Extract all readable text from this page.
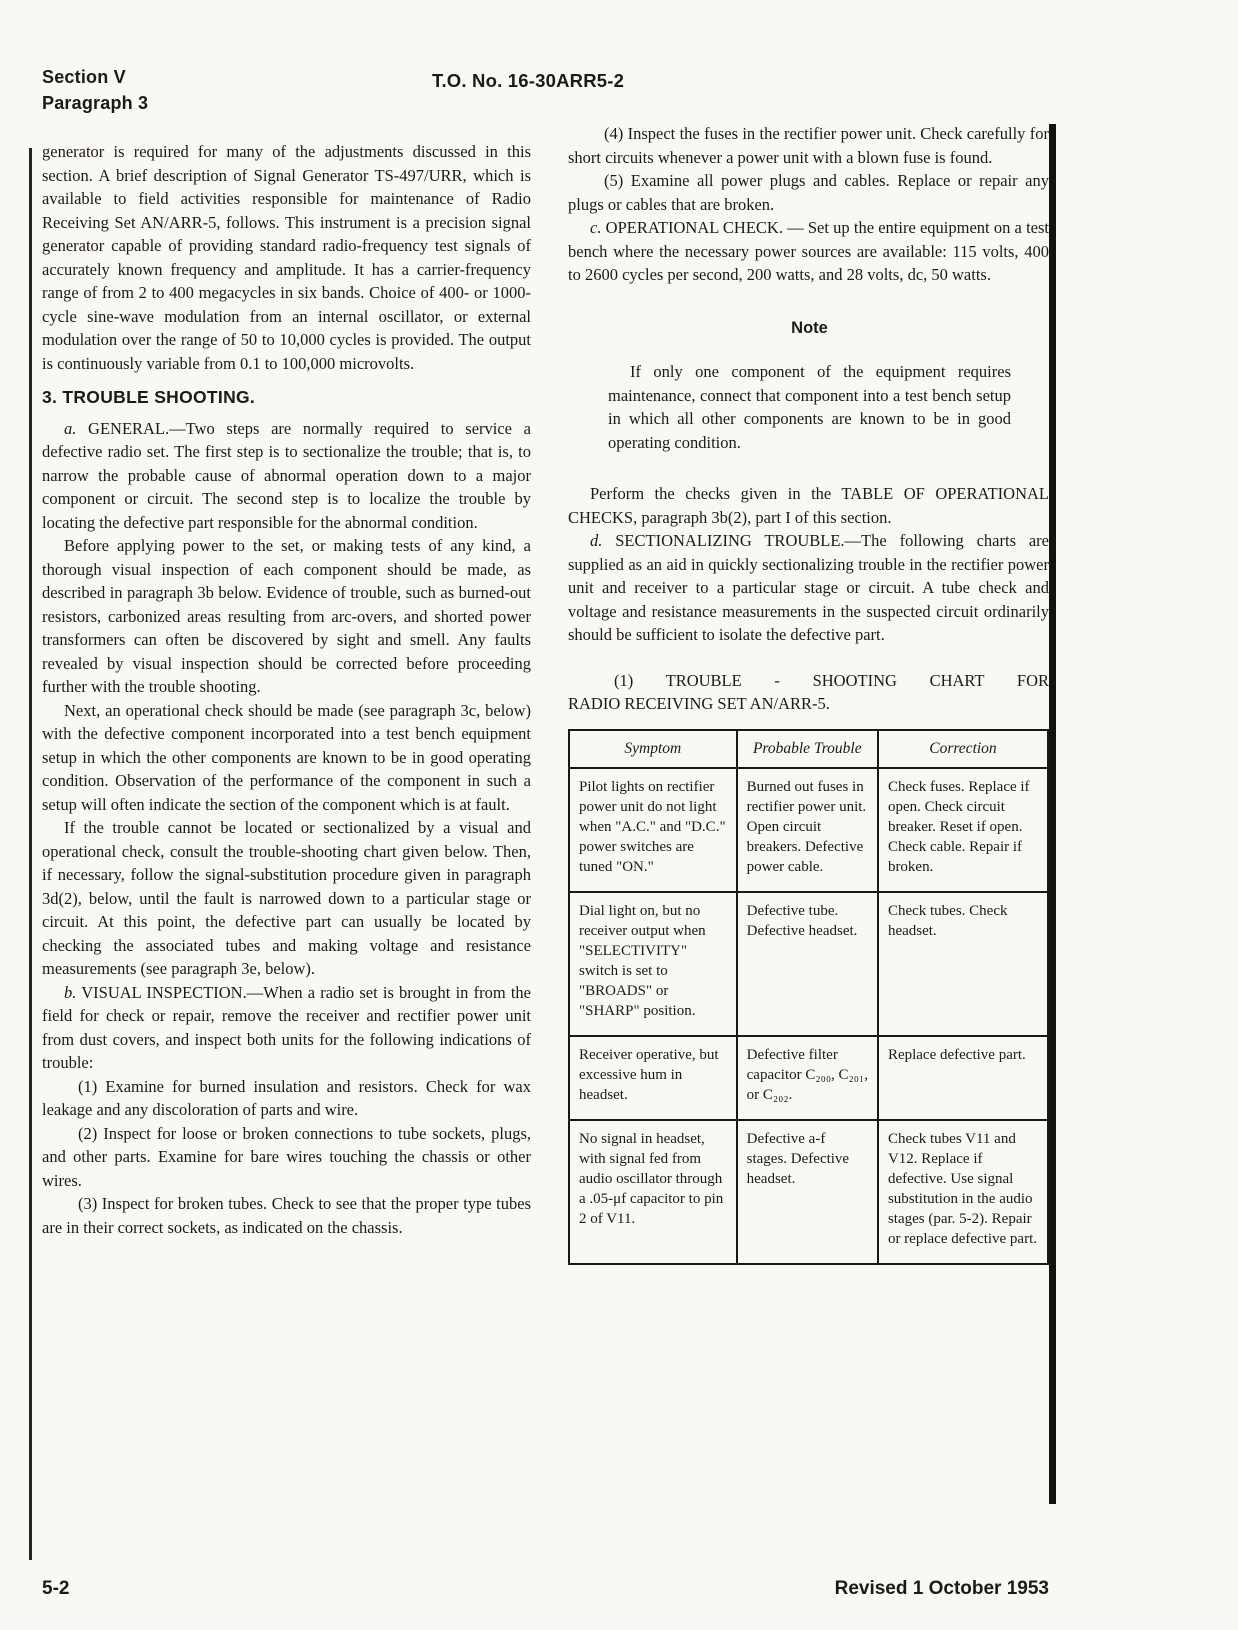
Section V
Paragraph 3
T.O. No. 16-30ARR5-2

generator is required for many of the adjustments discussed in this section. A brief description of Signal Generator TS-497/URR, which is available to field activities responsible for maintenance of Radio Receiving Set AN/ARR-5, follows. This instrument is a precision signal generator capable of providing standard radio-frequency test signals of accurately known frequency and amplitude. It has a carrier-frequency range of from 2 to 400 megacycles in six bands. Choice of 400- or 1000-cycle sine-wave modulation from an internal oscillator, or external modulation over the range of 50 to 10,000 cycles is provided. The output is continuously variable from 0.1 to 100,000 microvolts.

3. TROUBLE SHOOTING.

a. GENERAL.—Two steps are normally required to service a defective radio set. The first step is to sectionalize the trouble; that is, to narrow the probable cause of abnormal operation down to a major component or circuit. The second step is to localize the trouble by locating the defective part responsible for the abnormal condition.

Before applying power to the set, or making tests of any kind, a thorough visual inspection of each component should be made, as described in paragraph 3b below. Evidence of trouble, such as burned-out resistors, carbonized areas resulting from arc-overs, and shorted power transformers can often be discovered by sight and smell. Any faults revealed by visual inspection should be corrected before proceeding further with the trouble shooting.

Next, an operational check should be made (see paragraph 3c, below) with the defective component incorporated into a test bench equipment setup in which the other components are known to be in good operating condition. Observation of the performance of the component in such a setup will often indicate the section of the component which is at fault.

If the trouble cannot be located or sectionalized by a visual and operational check, consult the trouble-shooting chart given below. Then, if necessary, follow the signal-substitution procedure given in paragraph 3d(2), below, until the fault is narrowed down to a particular stage or circuit. At this point, the defective part can usually be located by checking the associated tubes and making voltage and resistance measurements (see paragraph 3e, below).

b. VISUAL INSPECTION.—When a radio set is brought in from the field for check or repair, remove the receiver and rectifier power unit from dust covers, and inspect both units for the following indications of trouble:

(1) Examine for burned insulation and resistors. Check for wax leakage and any discoloration of parts and wire.

(2) Inspect for loose or broken connections to tube sockets, plugs, and other parts. Examine for bare wires touching the chassis or other wires.

(3) Inspect for broken tubes. Check to see that the proper type tubes are in their correct sockets, as indicated on the chassis.

(4) Inspect the fuses in the rectifier power unit. Check carefully for short circuits whenever a power unit with a blown fuse is found.

(5) Examine all power plugs and cables. Replace or repair any plugs or cables that are broken.

c. OPERATIONAL CHECK. — Set up the entire equipment on a test bench where the necessary power sources are available: 115 volts, 400 to 2600 cycles per second, 200 watts, and 28 volts, dc, 50 watts.

Note

If only one component of the equipment requires maintenance, connect that component into a test bench setup in which all other components are known to be in good operating condition.

Perform the checks given in the TABLE OF OPERATIONAL CHECKS, paragraph 3b(2), part I of this section.

d. SECTIONALIZING TROUBLE.—The following charts are supplied as an aid in quickly sectionalizing trouble in the rectifier power unit and receiver to a particular stage or circuit. A tube check and voltage and resistance measurements in the suspected circuit ordinarily should be sufficient to isolate the defective part.

(1) TROUBLE - SHOOTING CHART FOR
RADIO RECEIVING SET AN/ARR-5.
Symptom	Probable Trouble	Correction
Pilot lights on rectifier power unit do not light when "A.C." and "D.C." power switches are tuned "ON."	Burned out fuses in rectifier power unit. Open circuit breakers. Defective power cable.	Check fuses. Replace if open. Check circuit breaker. Reset if open. Check cable. Repair if broken.
Dial light on, but no receiver output when "SELECTIVITY" switch is set to "BROADS" or "SHARP" position.	Defective tube. Defective headset.	Check tubes. Check headset.
Receiver operative, but excessive hum in headset.	Defective filter capacitor C₂₀₀, C₂₀₁, or C₂₀₂.	Replace defective part.
No signal in headset, with signal fed from audio oscillator through a .05-μf capacitor to pin 2 of V11.	Defective a-f stages. Defective headset.	Check tubes V11 and V12. Replace if defective. Use signal substitution in the audio stages (par. 5-2). Repair or replace defective part.
5-2	Revised 1 October 1953
